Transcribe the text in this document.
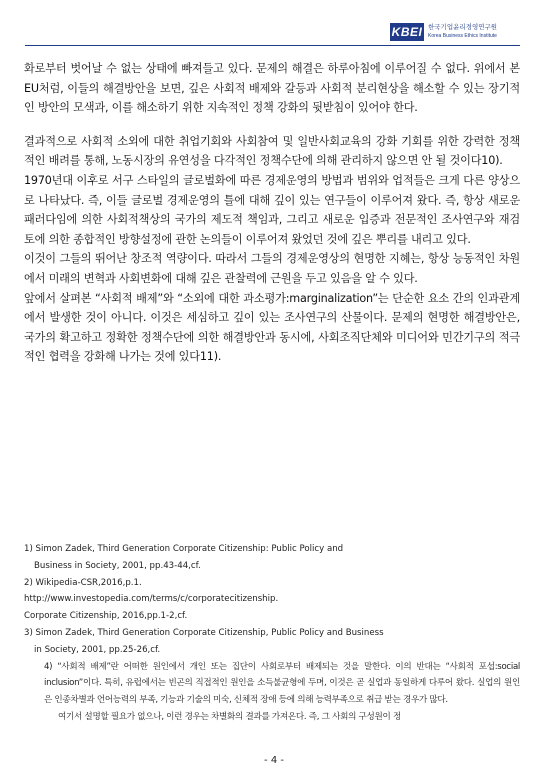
KBEI 한국기업윤리경영연구원
Korea Business Ethics Institute

화로부터 벗어날 수 없는 상태에 빠져들고 있다. 문제의 해결은 하루아침에 이루어질 수 없다. 위에서 본 EU처럼, 이들의 해결방안을 보면, 깊은 사회적 배제와 갈등과 사회적 분리현상을 해소할 수 있는 장기적인 방안의 모색과, 이를 해소하기 위한 지속적인 정책 강화의 뒷받침이 있어야 한다.

결과적으로 사회적 소외에 대한 취업기회와 사회참여 및 일반사회교육의 강화 기회를 위한 강력한 정책적인 배려를 통해, 노동시장의 유연성을 다각적인 정책수단에 의해 관리하지 않으면 안 될 것이다10).

1970년대 이후로 서구 스타일의 글로벌화에 따른 경제운영의 방법과 범위와 업적들은 크게 다른 양상으로 나타났다. 즉, 이들 글로벌 경제운영의 틀에 대해 깊이 있는 연구들이 이루어져 왔다. 즉, 항상 새로운 패러다임에 의한 사회적책상의 국가의 제도적 책임과, 그리고 새로운 입증과 전문적인 조사연구와 재검토에 의한 종합적인 방향설정에 관한 논의들이 이루어져 왔었던 것에 깊은 뿌리를 내리고 있다.

이것이 그들의 뛰어난 창조적 역량이다. 따라서 그들의 경제운영상의 현명한 지혜는, 항상 능동적인 차원에서 미래의 변혁과 사회변화에 대해 깊은 관찰력에 근원을 두고 있음을 알 수 있다.

앞에서 살펴본 “사회적 배제”와 “소외에 대한 과소평가:marginalization”는 단순한 요소 간의 인과관계에서 발생한 것이 아니다. 이것은 세심하고 깊이 있는 조사연구의 산물이다. 문제의 현명한 해결방안은, 국가의 확고하고 정확한 정책수단에 의한 해결방안과 동시에, 사회조직단체와 미디어와 민간기구의 적극적인 협력을 강화해 나가는 것에 있다11).

1) Simon Zadek, Third Generation Corporate Citizenship: Public Policy and
Business in Society, 2001, pp.43-44,cf.
2) Wikipedia-CSR,2016,p.1.
http://www.investopedia.com/terms/c/corporatecitizenship.
Corporate Citizenship, 2016,pp.1-2,cf.
3) Simon Zadek, Third Generation Corporate Citizenship, Public Policy and Business
in Society, 2001, pp.25-26,cf.

4) “사회적 배제”란 어떠한 원인에서 개인 또는 집단이 사회로부터 배제되는 것을 말한다. 이의 반대는 “사회적 포섭:social inclusion”이다. 특히, 유럽에서는 빈곤의 직접적인 원인을 소득불균형에 두며, 이것은 곧 실업과 동일하게 다루어 왔다. 실업의 원인은 인종차별과 언어능력의 부족, 기능과 기술의 미숙, 신체적 장애 등에 의해 능력부족으로 취급 받는 경우가 많다.

여기서 설명할 필요가 없으나, 이런 경우는 차별화의 결과를 가져온다. 즉, 그 사회의 구성원이 정

- 4 -
